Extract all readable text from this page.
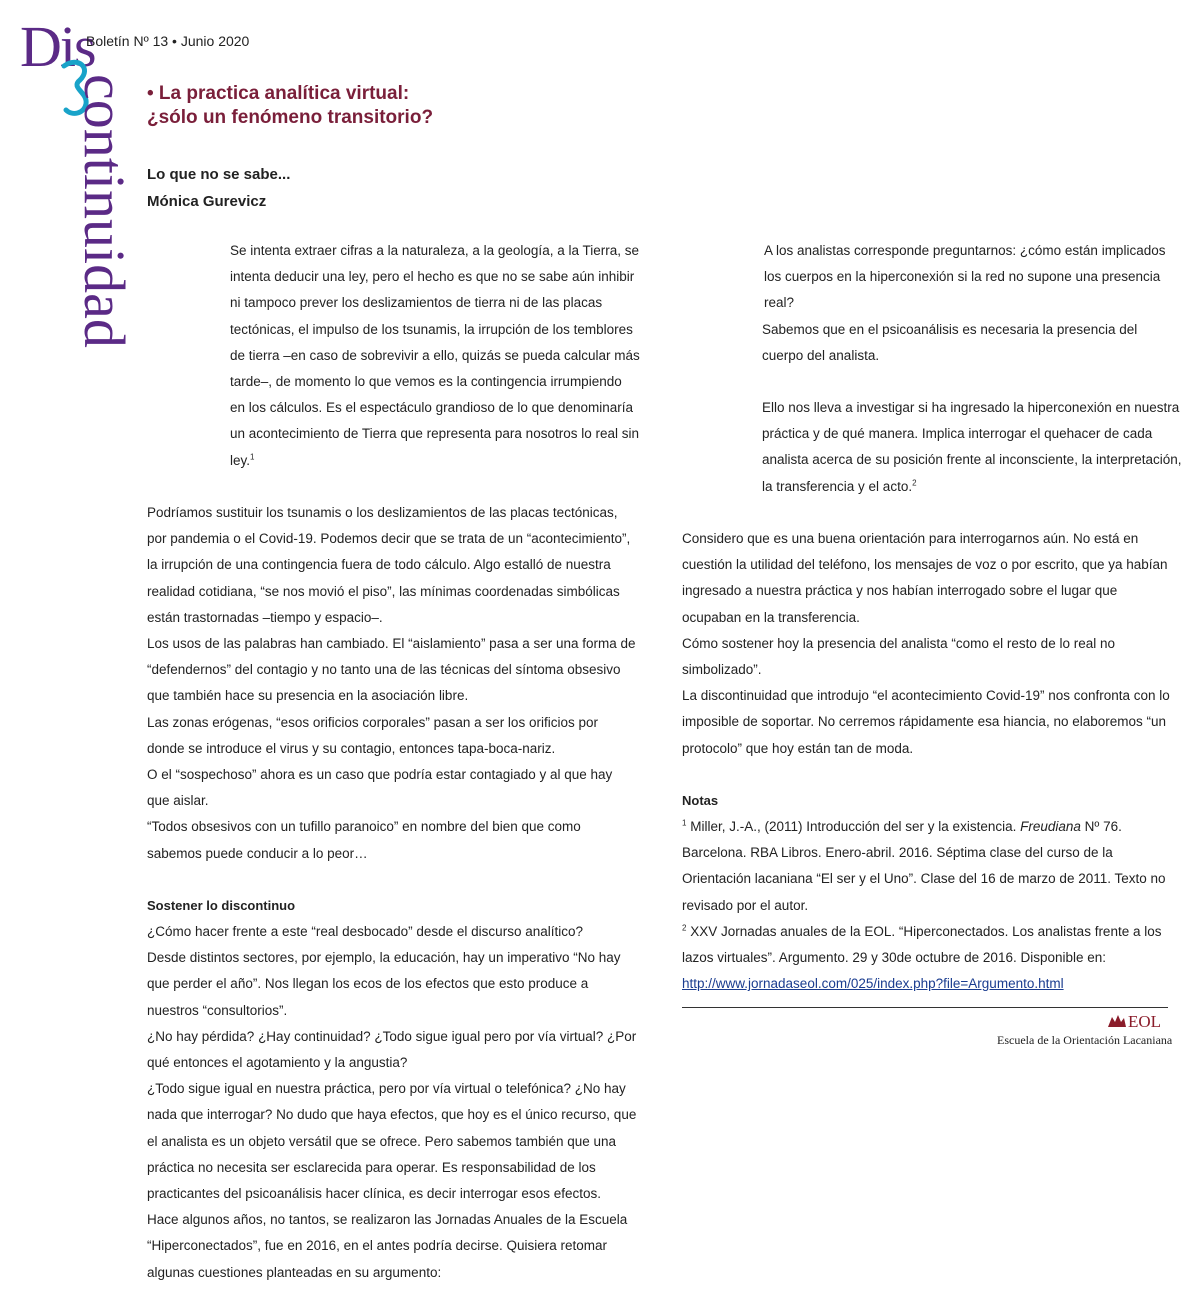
Dis
continuidad
Boletín Nº 13 • Junio 2020
• La practica analítica virtual:
¿sólo un fenómeno transitorio?
Lo que no se sabe...
Mónica Gurevicz

Se intenta extraer cifras a la naturaleza, a la geología, a la Tierra, se intenta deducir una ley, pero el hecho es que no se sabe aún inhibir ni tampoco prever los deslizamientos de tierra ni de las placas tectónicas, el impulso de los tsunamis, la irrupción de los temblores de tierra –en caso de sobrevivir a ello, quizás se pueda calcular más tarde–, de momento lo que vemos es la contingencia irrumpiendo en los cálculos. Es el espectáculo grandioso de lo que denominaría un acontecimiento de Tierra que representa para nosotros lo real sin ley.$^1$

Podríamos sustituir los tsunamis o los deslizamientos de las placas tectónicas, por pandemia o el Covid-19. Podemos decir que se trata de un “acontecimiento”, la irrupción de una contingencia fuera de todo cálculo. Algo estalló de nuestra realidad cotidiana, “se nos movió el piso”, las mínimas coordenadas simbólicas están trastornadas –tiempo y espacio–.

Los usos de las palabras han cambiado. El “aislamiento” pasa a ser una forma de “defendernos” del contagio y no tanto una de las técnicas del síntoma obsesivo que también hace su presencia en la asociación libre.

Las zonas erógenas, “esos orificios corporales” pasan a ser los orificios por donde se introduce el virus y su contagio, entonces tapa-boca-nariz.

O el “sospechoso” ahora es un caso que podría estar contagiado y al que hay que aislar.

“Todos obsesivos con un tufillo paranoico” en nombre del bien que como sabemos puede conducir a lo peor…

Sostener lo discontinuo

¿Cómo hacer frente a este “real desbocado” desde el discurso analítico?

Desde distintos sectores, por ejemplo, la educación, hay un imperativo “No hay que perder el año”. Nos llegan los ecos de los efectos que esto produce a nuestros “consultorios”.

¿No hay pérdida? ¿Hay continuidad? ¿Todo sigue igual pero por vía virtual? ¿Por qué entonces el agotamiento y la angustia?

¿Todo sigue igual en nuestra práctica, pero por vía virtual o telefónica? ¿No hay nada que interrogar? No dudo que haya efectos, que hoy es el único recurso, que el analista es un objeto versátil que se ofrece. Pero sabemos también que una práctica no necesita ser esclarecida para operar. Es responsabilidad de los practicantes del psicoanálisis hacer clínica, es decir interrogar esos efectos.

Hace algunos años, no tantos, se realizaron las Jornadas Anuales de la Escuela “Hiperconectados”, fue en 2016, en el antes podría decirse. Quisiera retomar algunas cuestiones planteadas en su argumento:

A los analistas corresponde preguntarnos: ¿cómo están implicados los cuerpos en la hiperconexión si la red no supone una presencia real?

Sabemos que en el psicoanálisis es necesaria la presencia del cuerpo del analista.

Ello nos lleva a investigar si ha ingresado la hiperconexión en nuestra práctica y de qué manera. Implica interrogar el quehacer de cada analista acerca de su posición frente al inconsciente, la interpretación, la transferencia y el acto.$^2$

Considero que es una buena orientación para interrogarnos aún. No está en cuestión la utilidad del teléfono, los mensajes de voz o por escrito, que ya habían ingresado a nuestra práctica y nos habían interrogado sobre el lugar que ocupaban en la transferencia.

Cómo sostener hoy la presencia del analista “como el resto de lo real no simbolizado”.

La discontinuidad que introdujo “el acontecimiento Covid-19” nos confronta con lo imposible de soportar. No cerremos rápidamente esa hiancia, no elaboremos “un protocolo” que hoy están tan de moda.

Notas

$^1$ Miller, J.-A., (2011) Introducción del ser y la existencia. Freudiana Nº 76. Barcelona. RBA Libros. Enero-abril. 2016. Séptima clase del curso de la Orientación lacaniana “El ser y el Uno”. Clase del 16 de marzo de 2011. Texto no revisado por el autor.

$^2$ XXV Jornadas anuales de la EOL. “Hiperconectados. Los analistas frente a los lazos virtuales”. Argumento. 29 y 30de octubre de 2016. Disponible en:
http://www.jornadaseol.com/025/index.php?file=Argumento.html

EOL
Escuela de la Orientación Lacaniana
